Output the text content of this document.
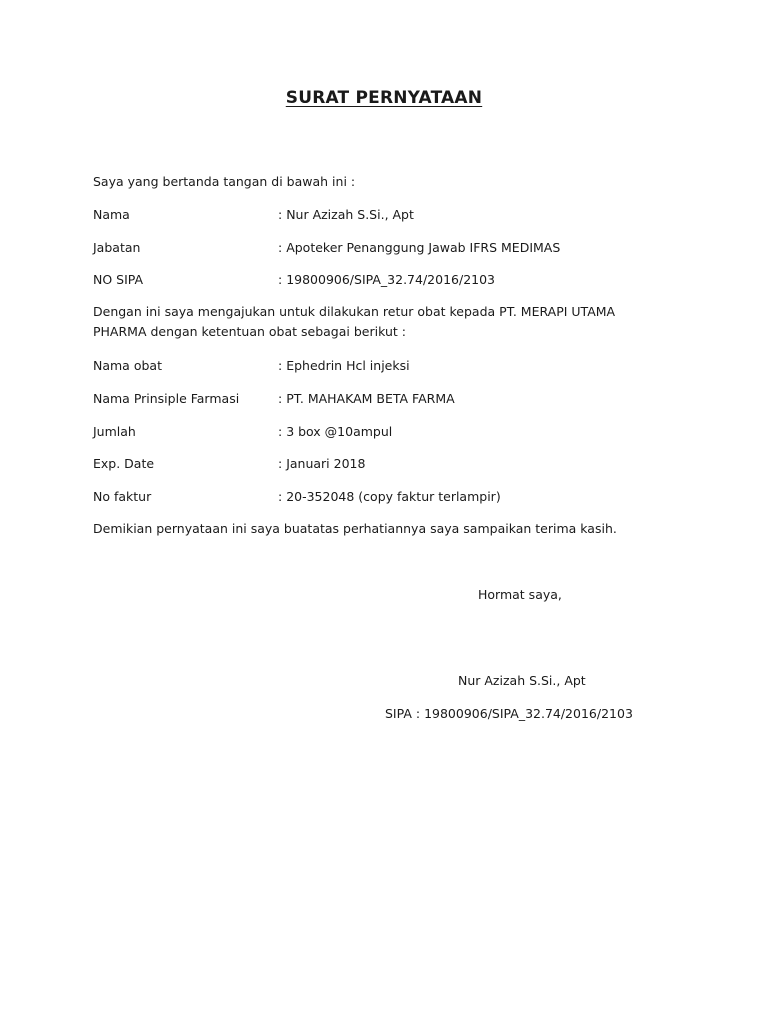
SURAT PERNYATAAN
Saya yang bertanda tangan di bawah ini :
Nama	: Nur Azizah S.Si., Apt
Jabatan	: Apoteker Penanggung Jawab IFRS MEDIMAS
NO SIPA	: 19800906/SIPA_32.74/2016/2103
Dengan ini saya mengajukan untuk dilakukan retur obat kepada PT. MERAPI UTAMA PHARMA dengan ketentuan obat sebagai berikut :
Nama obat	: Ephedrin Hcl injeksi
Nama Prinsiple Farmasi	: PT. MAHAKAM BETA FARMA
Jumlah	: 3 box @10ampul
Exp. Date	: Januari 2018
No faktur	: 20-352048 (copy faktur terlampir)
Demikian pernyataan ini saya buatatas perhatiannya saya sampaikan terima kasih.
Hormat saya,
Nur Azizah S.Si., Apt
SIPA : 19800906/SIPA_32.74/2016/2103
